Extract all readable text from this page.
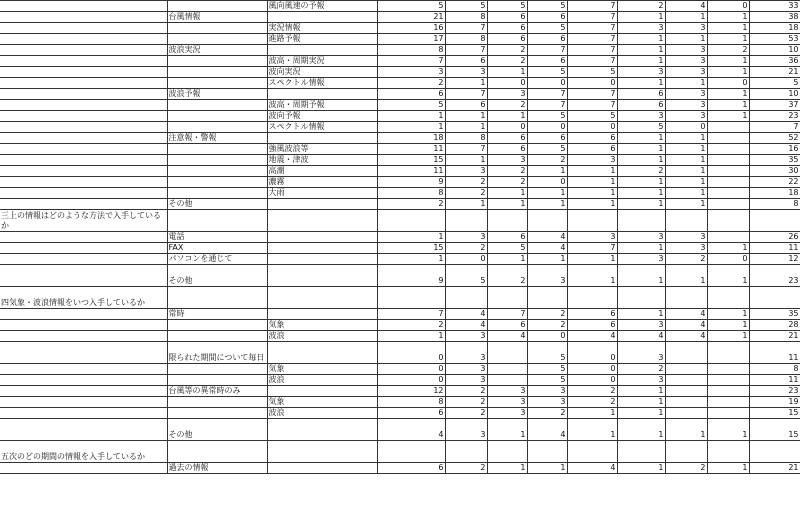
		風向風速の予報	5	5	5	5	7	2	4	0	33
	台風情報		21	8	6	6	7	1	1	1	38
		実況情報	16	7	6	5	7	3	3	1	18
		進路予報	17	8	6	6	7	1	1	1	53
	波浪実況		8	7	2	7	7	1	3	2	10
		波高・周期実況	7	6	2	6	7	1	3	1	36
		波向実況	3	3	1	5	5	3	3	1	21
		スペクトル情報	2	1	0	0	0	1	1	0	5
	波浪予報		6	7	3	7	7	6	3	1	10
		波高・周期予報	5	6	2	7	7	6	3	1	37
		波向予報	1	1	1	5	5	3	3	1	23
		スペクトル情報	1	1	0	0	0	5	0		7
	注意報・警報		18	8	6	6	6	1	1		52
		強風波浪等	11	7	6	5	6	1	1		16
		地震・津波	15	1	3	2	3	1	1		35
		高潮	11	3	2	1	1	2	1		30
		濃霧	9	2	2	0	1	1	1		22
		大雨	8	2	1	1	1	1	1		18
	その他		2	1	1	1	1	1	1		8
三上の情報はどのような方法で入手しているか											
	電話		1	3	6	4	3	3	3		26
	FAX		15	2	5	4	7	1	3	1	11
	パソコンを通じて		1	0	1	1	1	3	2	0	12
	その他		9	5	2	3	1	1	1	1	23
四気象・波浪情報をいつ入手しているか											
	常時		7	4	7	2	6	1	4	1	35
		気象	2	4	6	2	6	3	4	1	28
		波浪	1	3	4	0	4	4	4	1	21
	限られた期間について毎日		0	3		5	0	3			11
		気象	0	3		5	0	2			8
		波浪	0	3		5	0	3			11
	台風等の異常時のみ		12	2	3	3	2	1			23
		気象	8	2	3	3	2	1			19
		波浪	6	2	3	2	1	1			15
	その他		4	3	1	4	1	1	1	1	15
五次のどの期間の情報を入手しているか											
	過去の情報		6	2	1	1	4	1	2	1	21
